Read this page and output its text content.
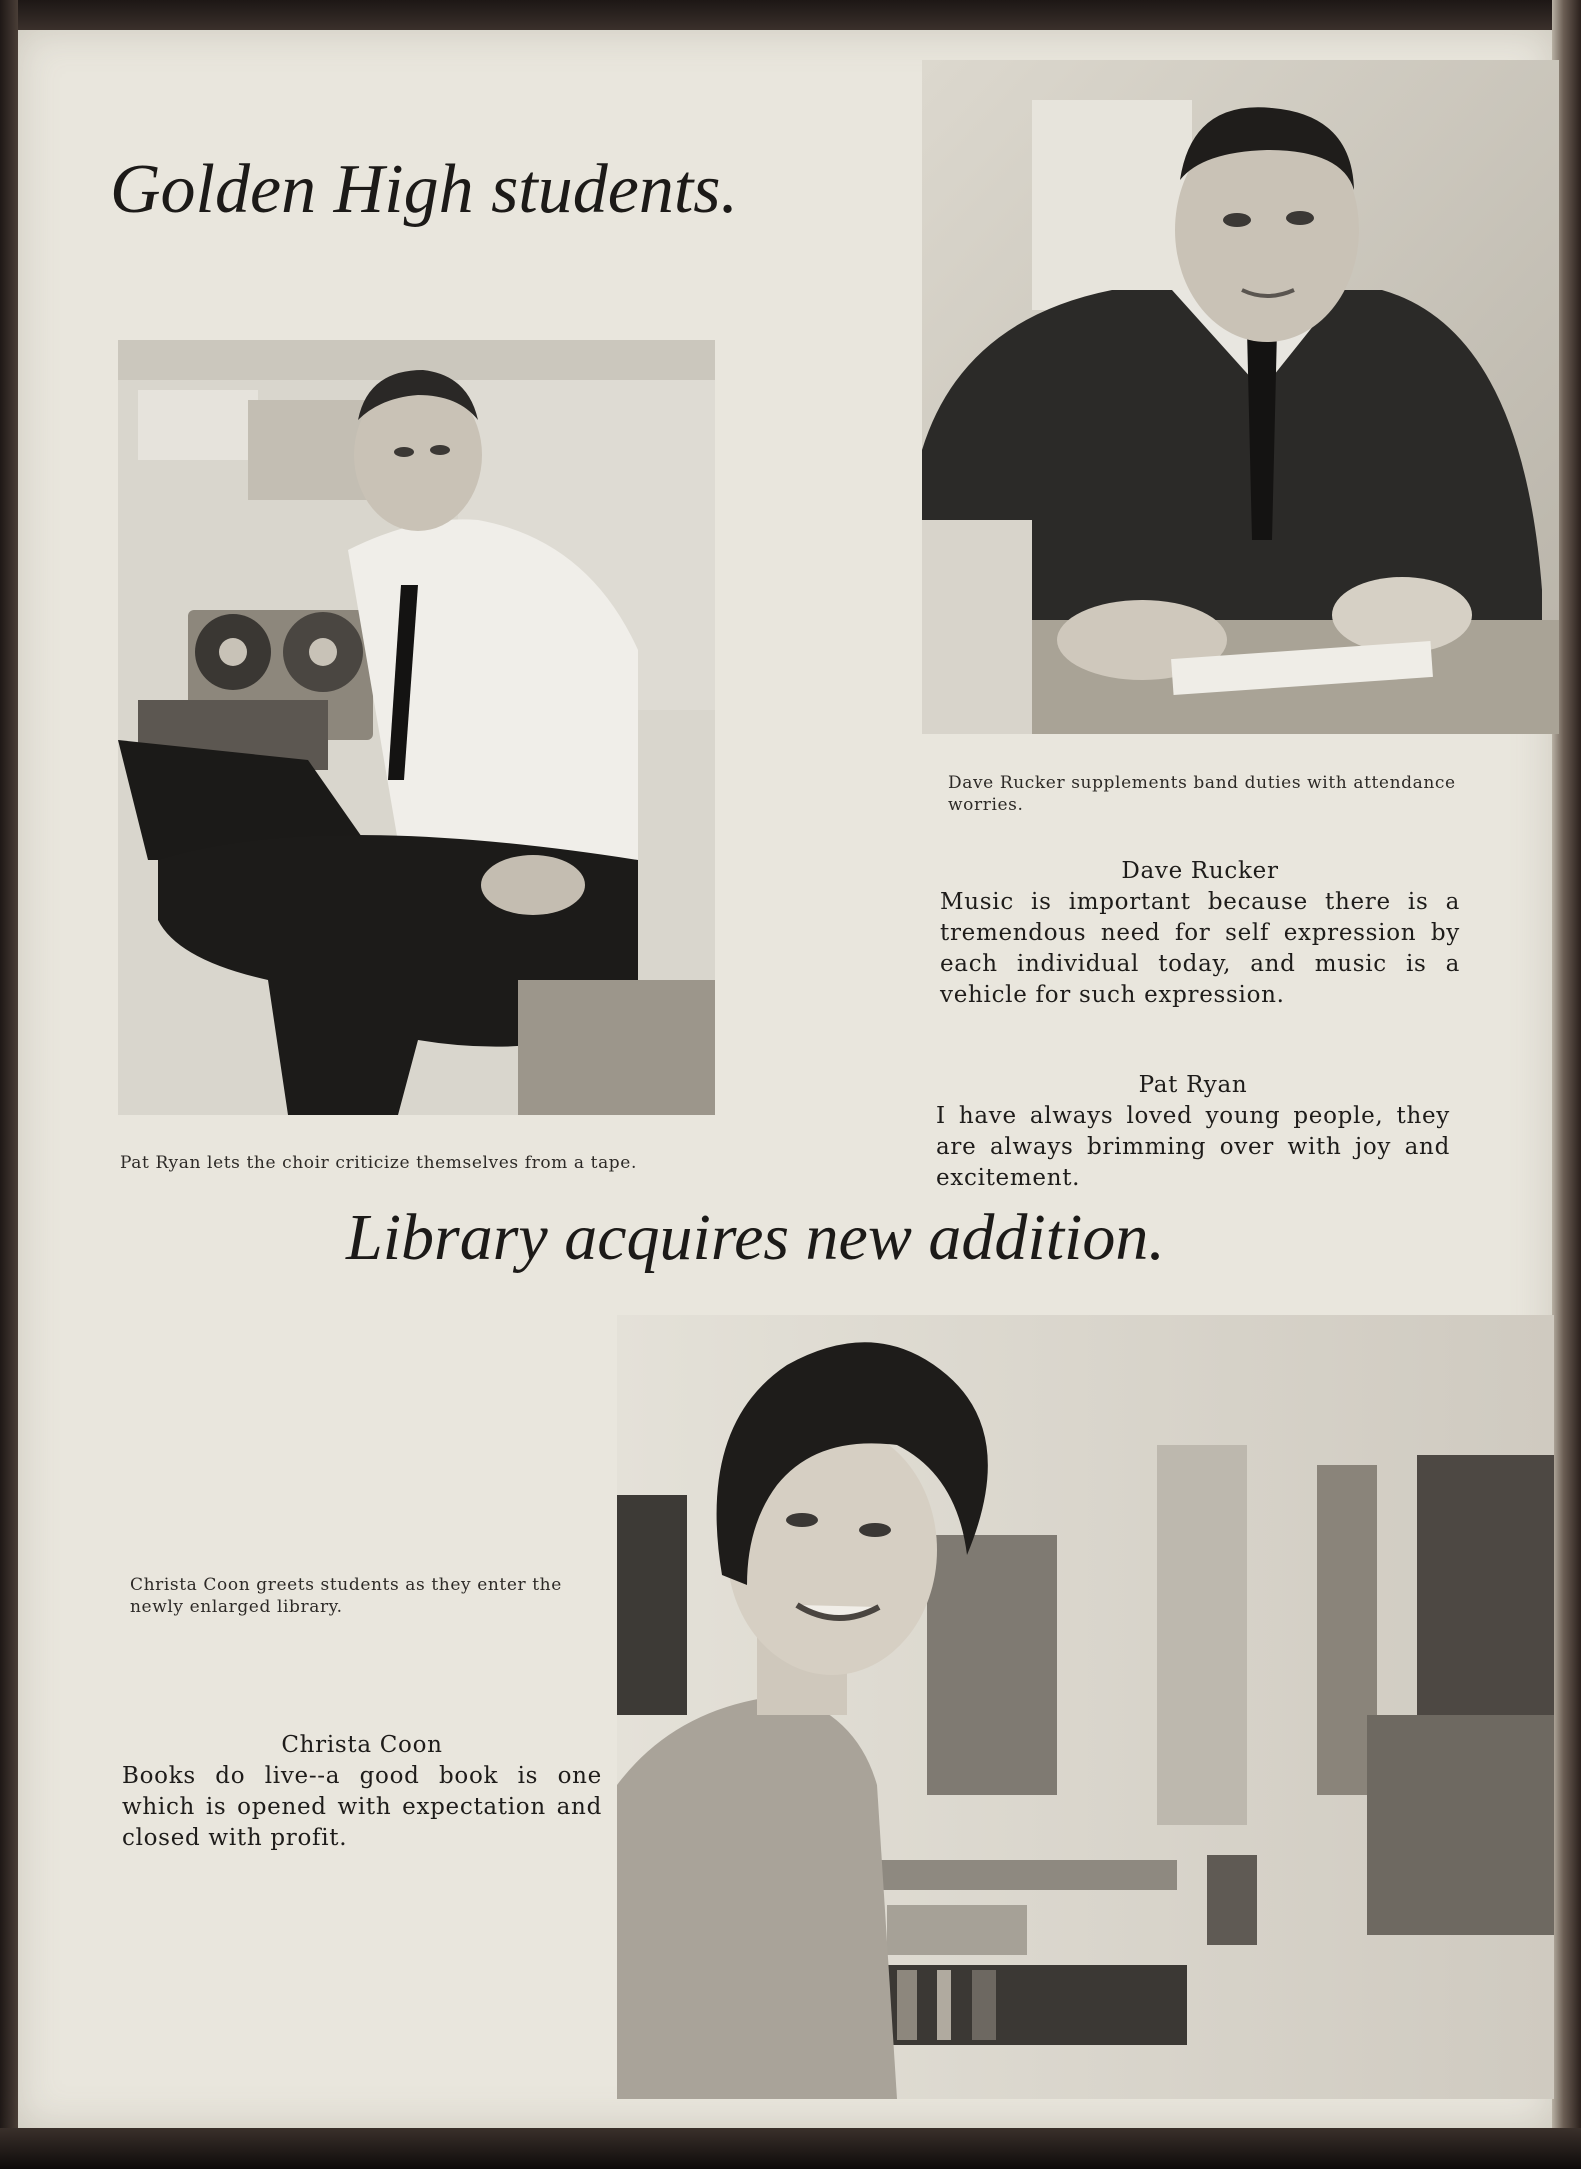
Golden High students.

Dave Rucker supplements band duties with attendance worries.

Dave Rucker

Music is important because there is a tremendous need for self expression by each individual today, and music is a vehicle for such expression.

Pat Ryan

I have always loved young people, they are always brimming over with joy and excitement.

Pat Ryan lets the choir criticize themselves from a tape.

Library acquires new addition.

Christa Coon greets students as they enter the newly enlarged library.

Christa Coon

Books do live--a good book is one which is opened with expectation and closed with profit.
